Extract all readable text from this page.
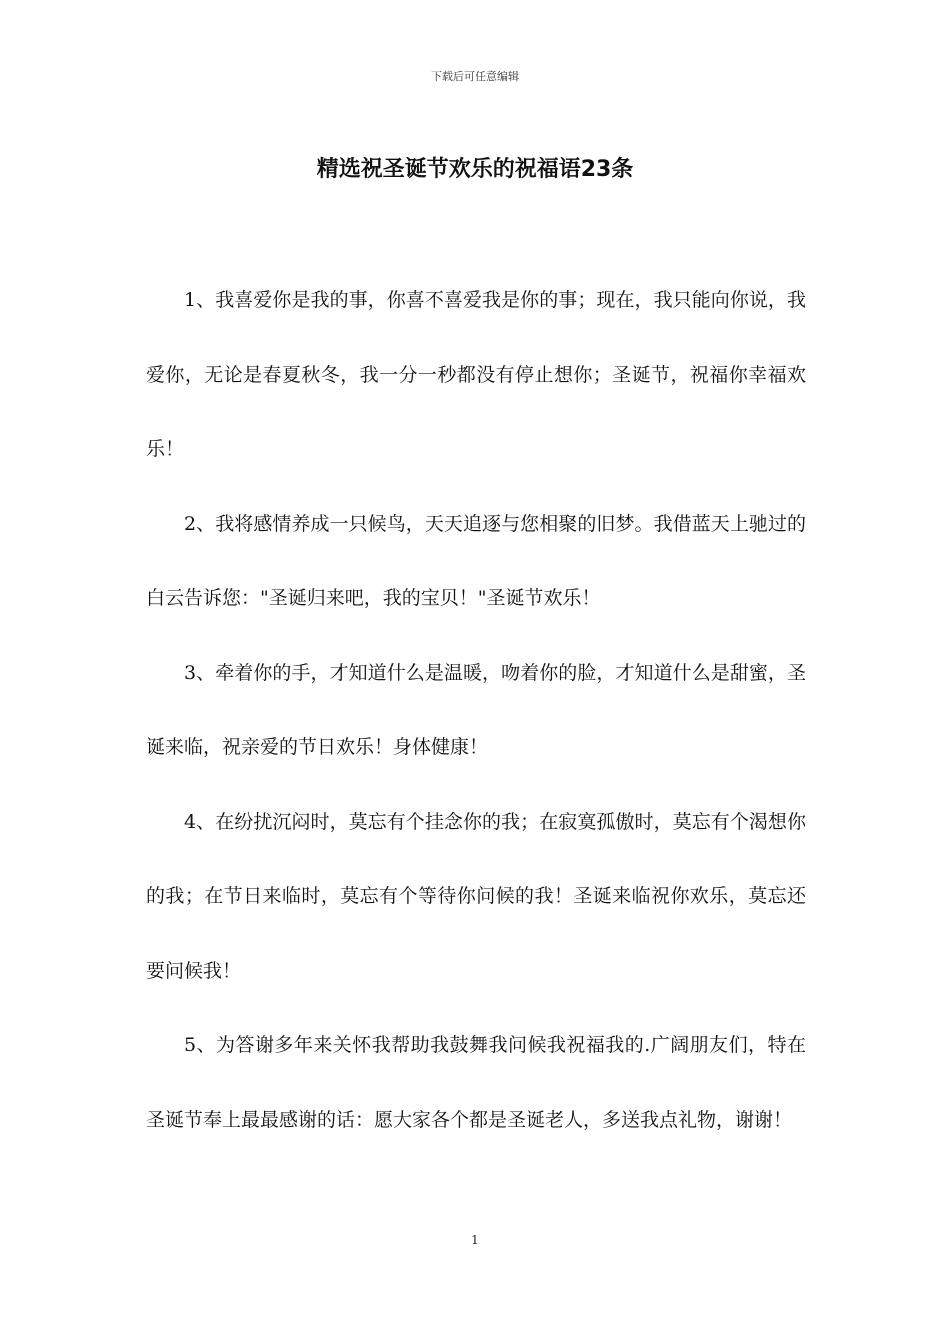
下载后可任意编辑
精选祝圣诞节欢乐的祝福语23条

1、我喜爱你是我的事，你喜不喜爱我是你的事；现在，我只能向你说，我爱你，无论是春夏秋冬，我一分一秒都没有停止想你；圣诞节，祝福你幸福欢乐！

2、我将感情养成一只候鸟，天天追逐与您相聚的旧梦。我借蓝天上驰过的白云告诉您："圣诞归来吧，我的宝贝！"圣诞节欢乐！

3、牵着你的手，才知道什么是温暖，吻着你的脸，才知道什么是甜蜜，圣诞来临，祝亲爱的节日欢乐！身体健康！

4、在纷扰沉闷时，莫忘有个挂念你的我；在寂寞孤傲时，莫忘有个渴想你的我；在节日来临时，莫忘有个等待你问候的我！圣诞来临祝你欢乐，莫忘还要问候我！

5、为答谢多年来关怀我帮助我鼓舞我问候我祝福我的.广阔朋友们，特在圣诞节奉上最最感谢的话：愿大家各个都是圣诞老人，多送我点礼物，谢谢！

1
